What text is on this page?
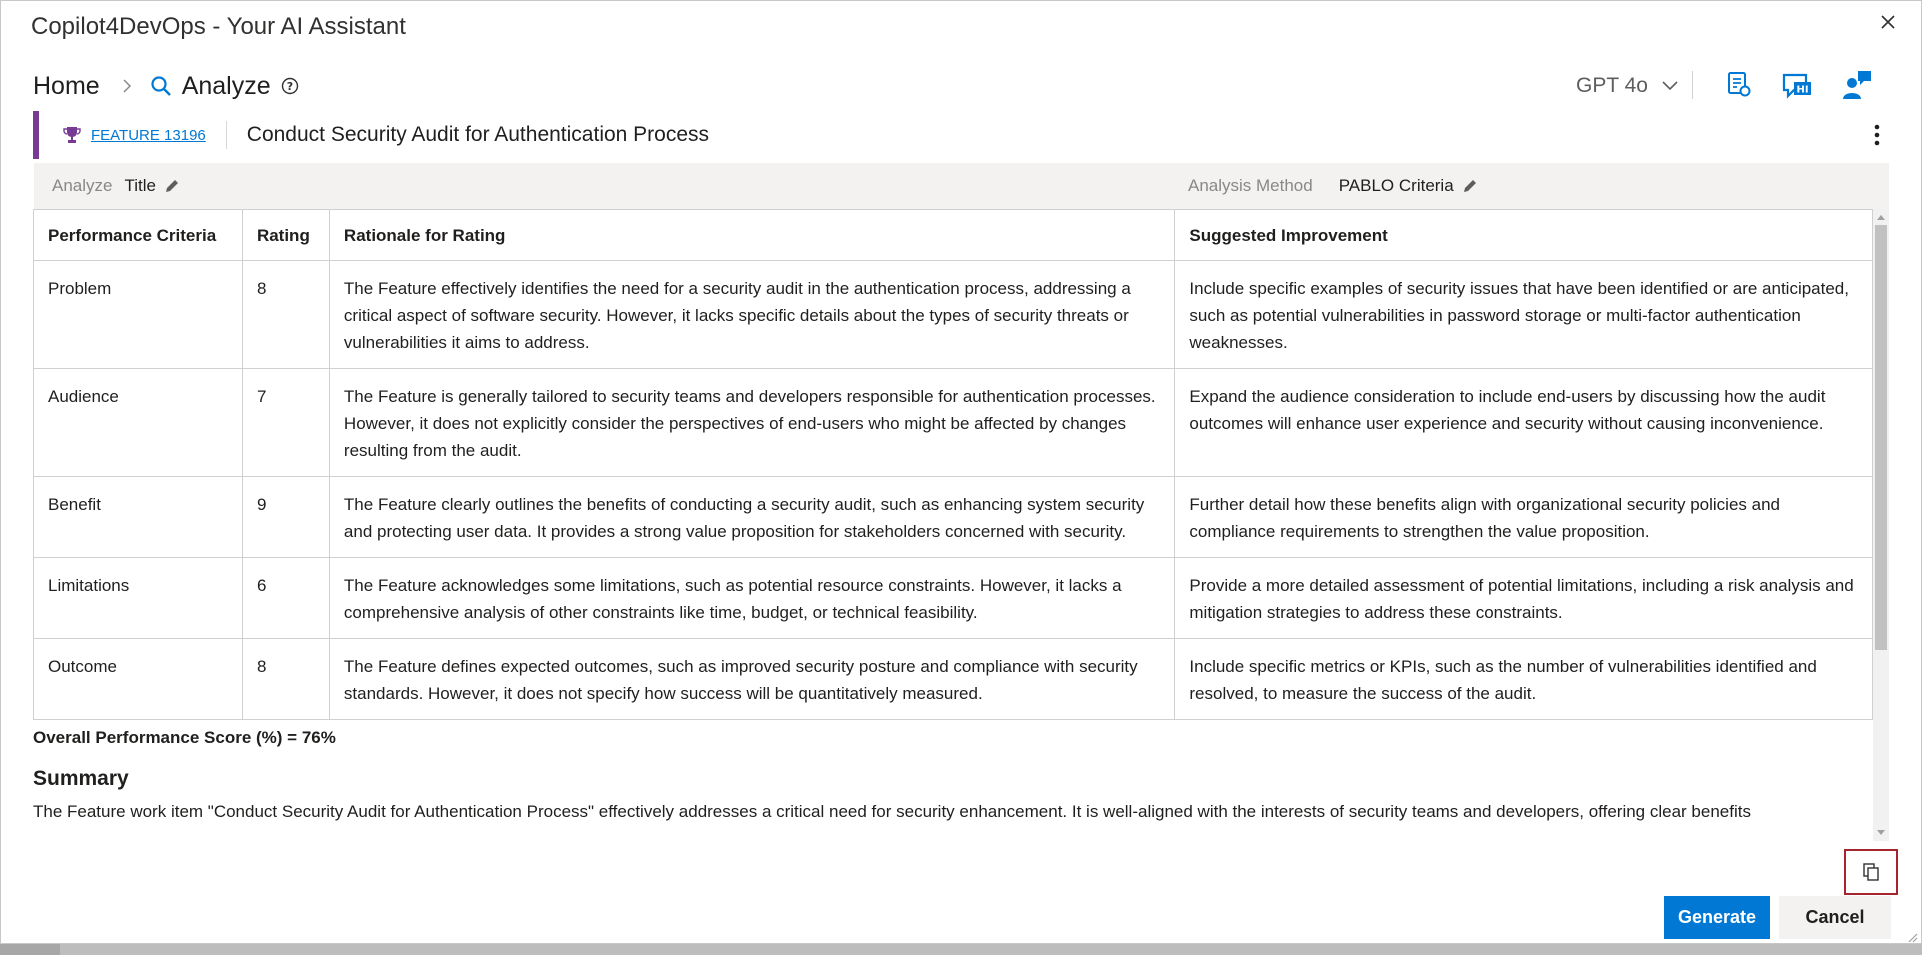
Copilot4DevOps - Your AI Assistant
Home	Analyze ?	GPT 4o	HI
FEATURE 13196 Conduct Security Audit for Authentication Process
Analyze Title	Analysis Method PABLO Criteria
Performance Criteria	Rating	Rationale for Rating	Suggested Improvement
Problem	8	The Feature effectively identifies the need for a security audit in the authentication process, addressing a critical aspect of software security. However, it lacks specific details about the types of security threats or vulnerabilities it aims to address.	Include specific examples of security issues that have been identified or are anticipated, such as potential vulnerabilities in password storage or multi-factor authentication weaknesses.
Audience	7	The Feature is generally tailored to security teams and developers responsible for authentication processes. However, it does not explicitly consider the perspectives of end-users who might be affected by changes resulting from the audit.	Expand the audience consideration to include end-users by discussing how the audit outcomes will enhance user experience and security without causing inconvenience.
Benefit	9	The Feature clearly outlines the benefits of conducting a security audit, such as enhancing system security and protecting user data. It provides a strong value proposition for stakeholders concerned with security.	Further detail how these benefits align with organizational security policies and compliance requirements to strengthen the value proposition.
Limitations	6	The Feature acknowledges some limitations, such as potential resource constraints. However, it lacks a comprehensive analysis of other constraints like time, budget, or technical feasibility.	Provide a more detailed assessment of potential limitations, including a risk analysis and mitigation strategies to address these constraints.
Outcome	8	The Feature defines expected outcomes, such as improved security posture and compliance with security standards. However, it does not specify how success will be quantitatively measured.	Include specific metrics or KPIs, such as the number of vulnerabilities identified and resolved, to measure the success of the audit.
Overall Performance Score (%) = 76%
Summary
The Feature work item "Conduct Security Audit for Authentication Process" effectively addresses a critical need for security enhancement. It is well-aligned with the interests of security teams and developers, offering clear benefits
Generate	Cancel
